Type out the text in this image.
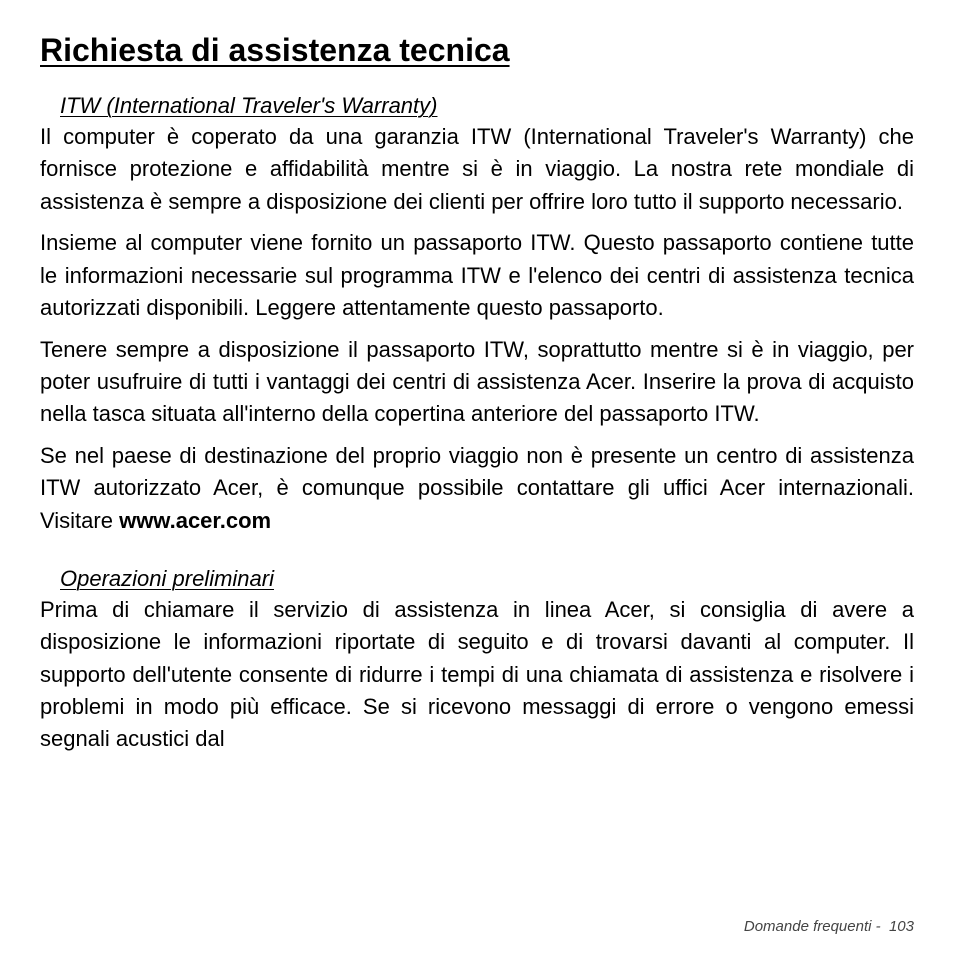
Richiesta di assistenza tecnica
ITW (International Traveler's Warranty)

Il computer è coperato da una garanzia ITW (International Traveler's Warranty) che fornisce protezione e affidabilità mentre si è in viaggio. La nostra rete mondiale di assistenza è sempre a disposizione dei clienti per offrire loro tutto il supporto necessario.

Insieme al computer viene fornito un passaporto ITW. Questo passaporto contiene tutte le informazioni necessarie sul programma ITW e l'elenco dei centri di assistenza tecnica autorizzati disponibili. Leggere attentamente questo passaporto.

Tenere sempre a disposizione il passaporto ITW, soprattutto mentre si è in viaggio, per poter usufruire di tutti i vantaggi dei centri di assistenza Acer. Inserire la prova di acquisto nella tasca situata all'interno della copertina anteriore del passaporto ITW.

Se nel paese di destinazione del proprio viaggio non è presente un centro di assistenza ITW autorizzato Acer, è comunque possibile contattare gli uffici Acer internazionali. Visitare www.acer.com

Operazioni preliminari

Prima di chiamare il servizio di assistenza in linea Acer, si consiglia di avere a disposizione le informazioni riportate di seguito e di trovarsi davanti al computer. Il supporto dell'utente consente di ridurre i tempi di una chiamata di assistenza e risolvere i problemi in modo più efficace. Se si ricevono messaggi di errore o vengono emessi segnali acustici dal

Domande frequenti - 103
